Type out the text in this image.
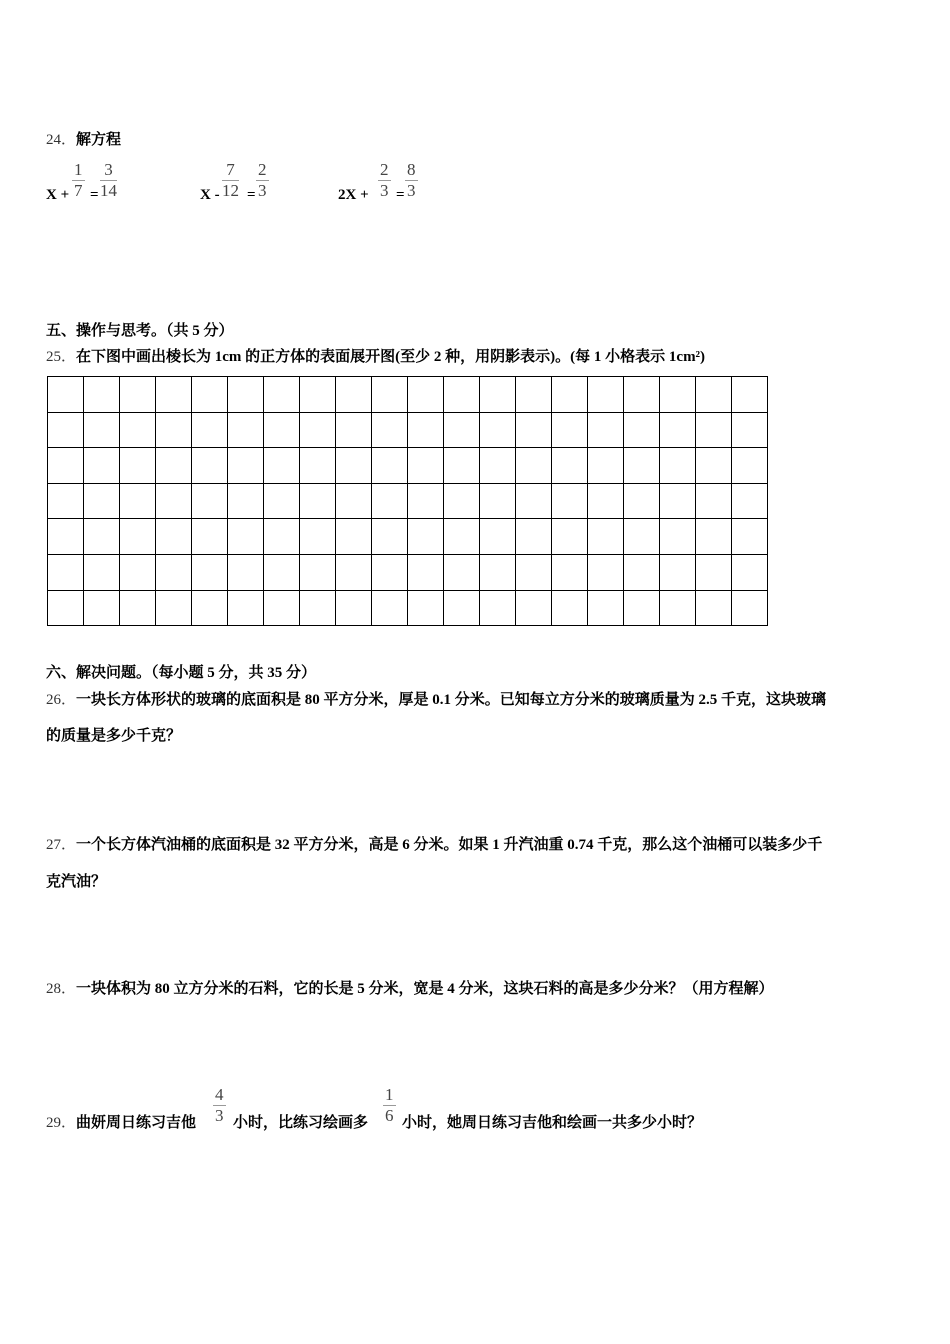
24．解方程
$X + \frac{1}{7} = \frac{3}{14}$	$X - \frac{7}{12} = \frac{2}{3}$	$2X + \frac{2}{3} = \frac{8}{3}$
五、操作与思考。（共 5 分）
25．在下图中画出棱长为 1cm 的正方体的表面展开图(至少 2 种，用阴影表示)。(每 1 小格表示 1cm²)

六、解决问题。（每小题 5 分，共 35 分）
26．一块长方体形状的玻璃的底面积是 80 平方分米，厚是 0.1 分米。已知每立方分米的玻璃质量为 2.5 千克，这块玻璃
的质量是多少千克？
27．一个长方体汽油桶的底面积是 32 平方分米，高是 6 分米。如果 1 升汽油重 0.74 千克，那么这个油桶可以装多少千
克汽油？
28．一块体积为 80 立方分米的石料，它的长是 5 分米，宽是 4 分米，这块石料的高是多少分米？（用方程解）
29．曲妍周日练习吉他 $\frac{4}{3}$ 小时，比练习绘画多 $\frac{1}{6}$ 小时，她周日练习吉他和绘画一共多少小时？
